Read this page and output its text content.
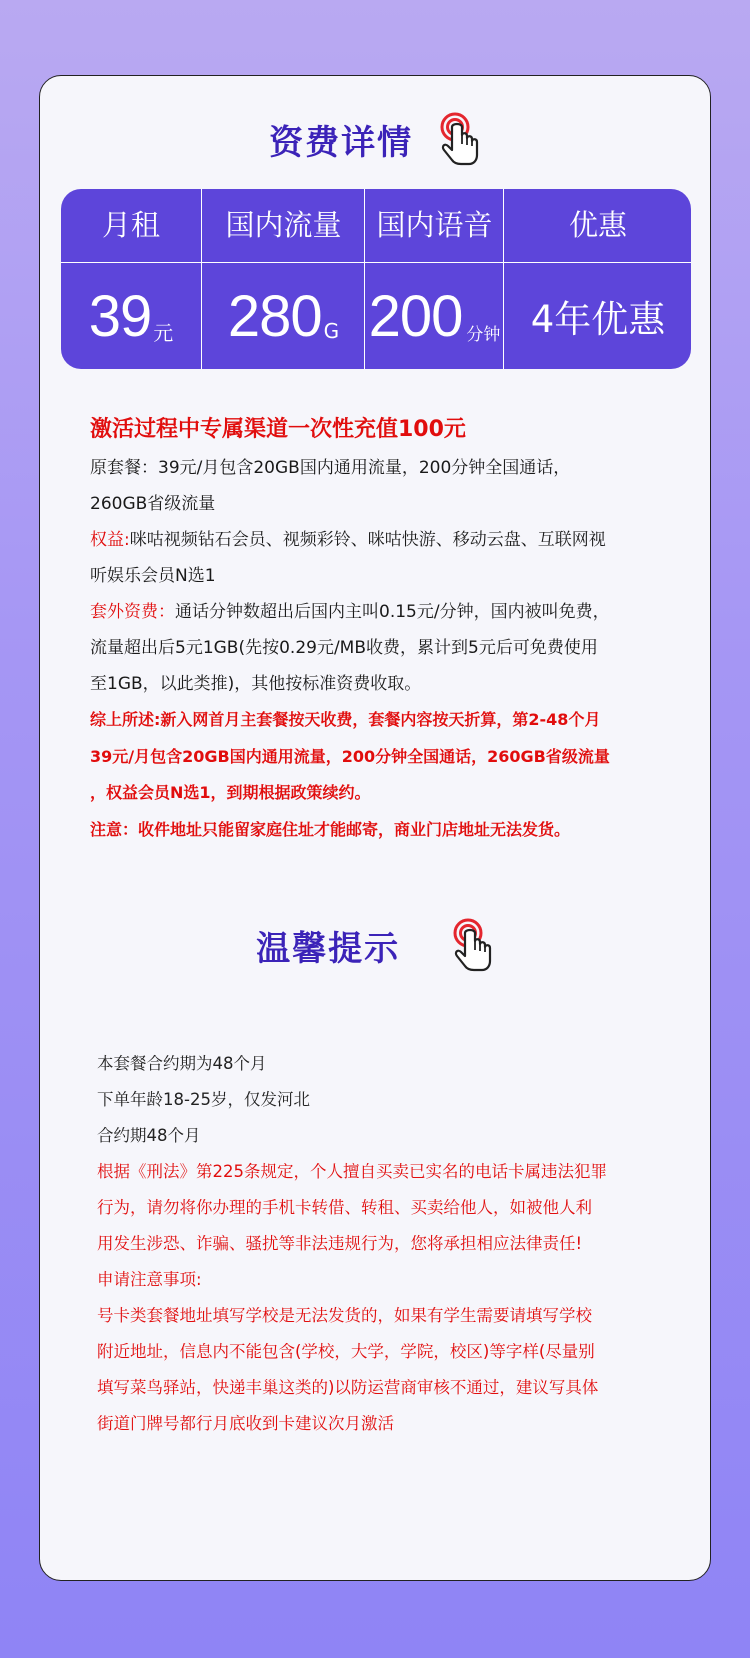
资费详情
月租
39 元
国内流量
280 G
国内语音
200 分钟
优惠
4年优惠

激活过程中专属渠道一次性充值100元

原套餐：39元/月包含20GB国内通用流量，200分钟全国通话，

260GB省级流量

权益:咪咕视频钻石会员、视频彩铃、咪咕快游、移动云盘、互联网视

听娱乐会员N选1

套外资费：通话分钟数超出后国内主叫0.15元/分钟，国内被叫免费，

流量超出后5元1GB(先按0.29元/MB收费，累计到5元后可免费使用

至1GB，以此类推)，其他按标准资费收取。

综上所述:新入网首月主套餐按天收费，套餐内容按天折算，第2-48个月

39元/月包含20GB国内通用流量，200分钟全国通话，260GB省级流量

，权益会员N选1，到期根据政策续约。

注意：收件地址只能留家庭住址才能邮寄，商业门店地址无法发货。

温馨提示

本套餐合约期为48个月

下单年龄18-25岁，仅发河北

合约期48个月

根据《刑法》第225条规定，个人擅自买卖已实名的电话卡属违法犯罪

行为，请勿将你办理的手机卡转借、转租、买卖给他人，如被他人利

用发生涉恐、诈骗、骚扰等非法违规行为，您将承担相应法律责任!

申请注意事项:

号卡类套餐地址填写学校是无法发货的，如果有学生需要请填写学校

附近地址，信息内不能包含(学校，大学，学院，校区)等字样(尽量别

填写菜鸟驿站，快递丰巢这类的)以防运营商审核不通过，建议写具体

街道门牌号都行月底收到卡建议次月激活
